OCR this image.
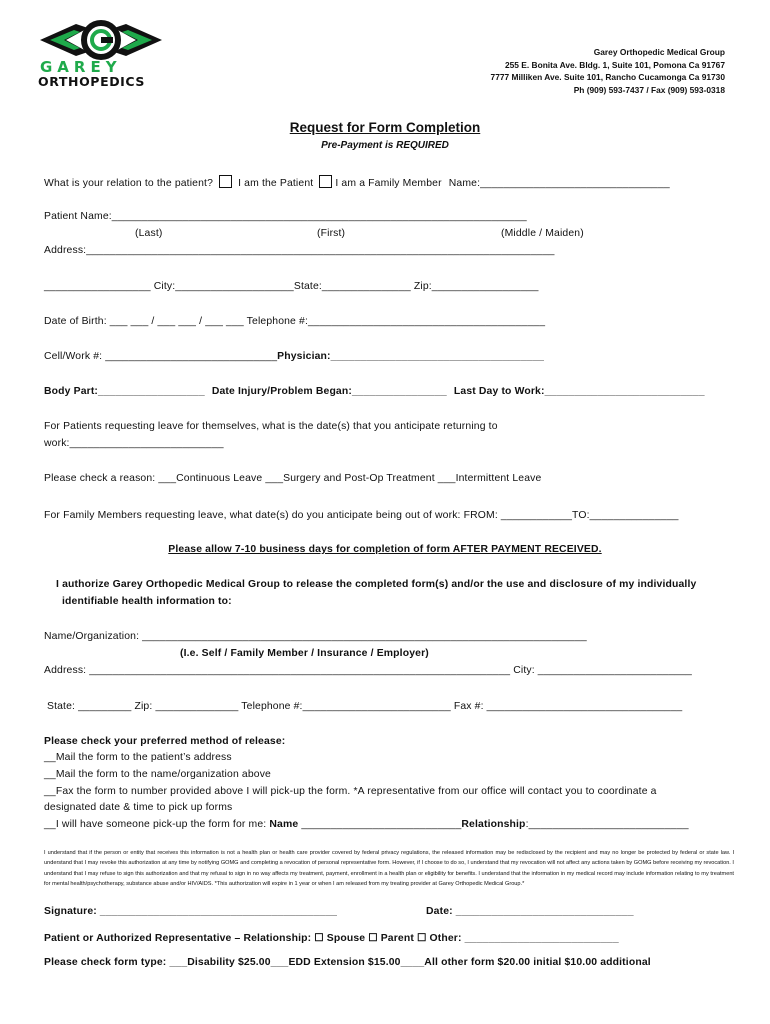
GAREY
ORTHOPEDICS
Garey Orthopedic Medical Group
255 E. Bonita Ave. Bldg. 1, Suite 101, Pomona Ca 91767
7777 Milliken Ave. Suite 101, Rancho Cucamonga Ca 91730
Ph (909) 593-7437 / Fax (909) 593-0318
Request for Form Completion
Pre-Payment is REQUIRED
What is your relation to the patient? I am the Patient I am a Family Member Name:________________________________
Patient Name:______________________________________________________________________
(Last)	(First)	(Middle / Maiden)
Address:_______________________________________________________________________________
__________________ City:____________________State:_______________ Zip:__________________
Date of Birth: ___ ___ / ___ ___ / ___ ___ Telephone #:________________________________________
Cell/Work #: _____________________________Physician:____________________________________
Body Part:__________________ Date Injury/Problem Began:________________ Last Day to Work:___________________________
For Patients requesting leave for themselves, what is the date(s) that you anticipate returning to
work:__________________________
Please check a reason: ___Continuous Leave ___Surgery and Post-Op Treatment ___Intermittent Leave
For Family Members requesting leave, what date(s) do you anticipate being out of work: FROM: ____________TO:_______________
Please allow 7-10 business days for completion of form AFTER PAYMENT RECEIVED.
I authorize Garey Orthopedic Medical Group to release the completed form(s) and/or the use and disclosure of my individually
identifiable health information to:
Name/Organization: ___________________________________________________________________________
(I.e. Self / Family Member / Insurance / Employer)
Address: _______________________________________________________________________ City: __________________________
State: _________ Zip: ______________ Telephone #:_________________________ Fax #: _________________________________
Please check your preferred method of release:
__Mail the form to the patient’s address
__Mail the form to the name/organization above
__Fax the form to number provided above I will pick-up the form. *A representative from our office will contact you to coordinate a
designated date & time to pick up forms
__I will have someone pick-up the form for me: Name ___________________________Relationship:___________________________
I understand that if the person or entity that receives this information is not a health plan or health care provider covered by federal privacy regulations, the released information may be redisclosed by the recipient and may no longer be protected by federal or state law. I understand that I may revoke this authorization at any time by notifying GOMG and completing a revocation of personal representative form. However, if I choose to do so, I understand that my revocation will not affect any actions taken by GOMG before receiving my revocation. I understand that I may refuse to sign this authorization and that my refusal to sign in no way affects my treatment, payment, enrollment in a health plan or eligibility for benefits. I understand that the information in my medical record may include information relating to my treatment for mental health/psychotherapy, substance abuse and/or HIV/AIDS. *This authorization will expire in 1 year or when I am released from my treating provider at Garey Orthopedic Medical Group.*
Signature: ________________________________________	Date: ______________________________
Patient or Authorized Representative – Relationship: ☐ Spouse ☐ Parent ☐ Other: __________________________
Please check form type: ___Disability $25.00___EDD Extension $15.00____All other form $20.00 initial $10.00 additional
